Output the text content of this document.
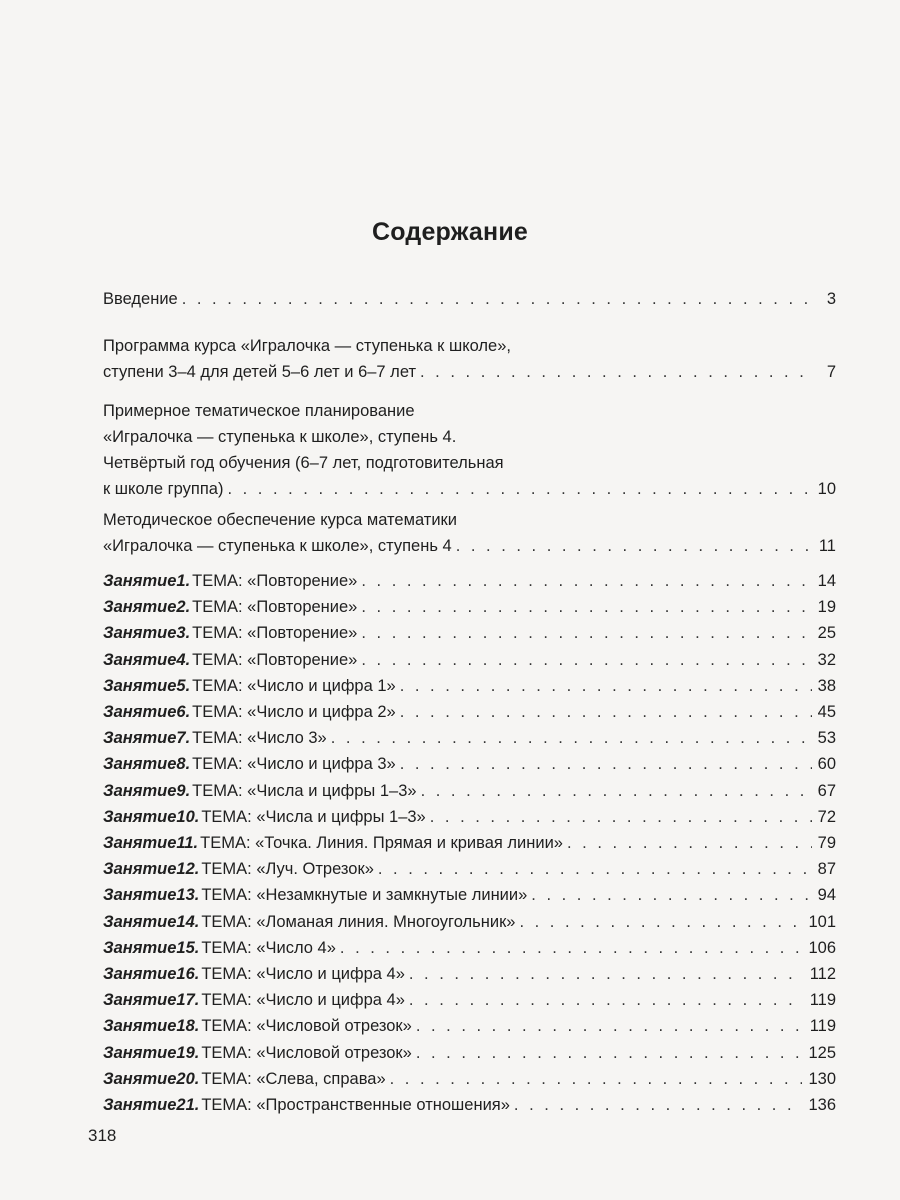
Содержание
Введение . . .	3
Программа курса «Игралочка — ступенька к школе»,
ступени 3–4 для детей 5–6 лет и 6–7 лет . . .	7
Примерное тематическое планирование
«Игралочка — ступенька к школе», ступень 4.
Четвёртый год обучения (6–7 лет, подготовительная
к школе группа) . . .	10
Методическое обеспечение курса математики
«Игралочка — ступенька к школе», ступень 4 . . .	11
Занятие 1. ТЕМА: «Повторение» . . .	14
Занятие 2. ТЕМА: «Повторение» . . .	19
Занятие 3. ТЕМА: «Повторение» . . .	25
Занятие 4. ТЕМА: «Повторение» . . .	32
Занятие 5. ТЕМА: «Число и цифра 1» . . .	38
Занятие 6. ТЕМА: «Число и цифра 2» . . .	45
Занятие 7. ТЕМА: «Число 3» . . .	53
Занятие 8. ТЕМА: «Число и цифра 3» . . .	60
Занятие 9. ТЕМА: «Числа и цифры 1–3» . . .	67
Занятие 10. ТЕМА: «Числа и цифры 1–3» . . .	72
Занятие 11. ТЕМА: «Точка. Линия. Прямая и кривая линии» . . .	79
Занятие 12. ТЕМА: «Луч. Отрезок» . . .	87
Занятие 13. ТЕМА: «Незамкнутые и замкнутые линии» . . .	94
Занятие 14. ТЕМА: «Ломаная линия. Многоугольник» . . .	101
Занятие 15. ТЕМА: «Число 4» . . .	106
Занятие 16. ТЕМА: «Число и цифра 4» . . .	112
Занятие 17. ТЕМА: «Число и цифра 4» . . .	119
Занятие 18. ТЕМА: «Числовой отрезок» . . .	119
Занятие 19. ТЕМА: «Числовой отрезок» . . .	125
Занятие 20. ТЕМА: «Слева, справа» . . .	130
Занятие 21. ТЕМА: «Пространственные отношения» . . .	136
318
